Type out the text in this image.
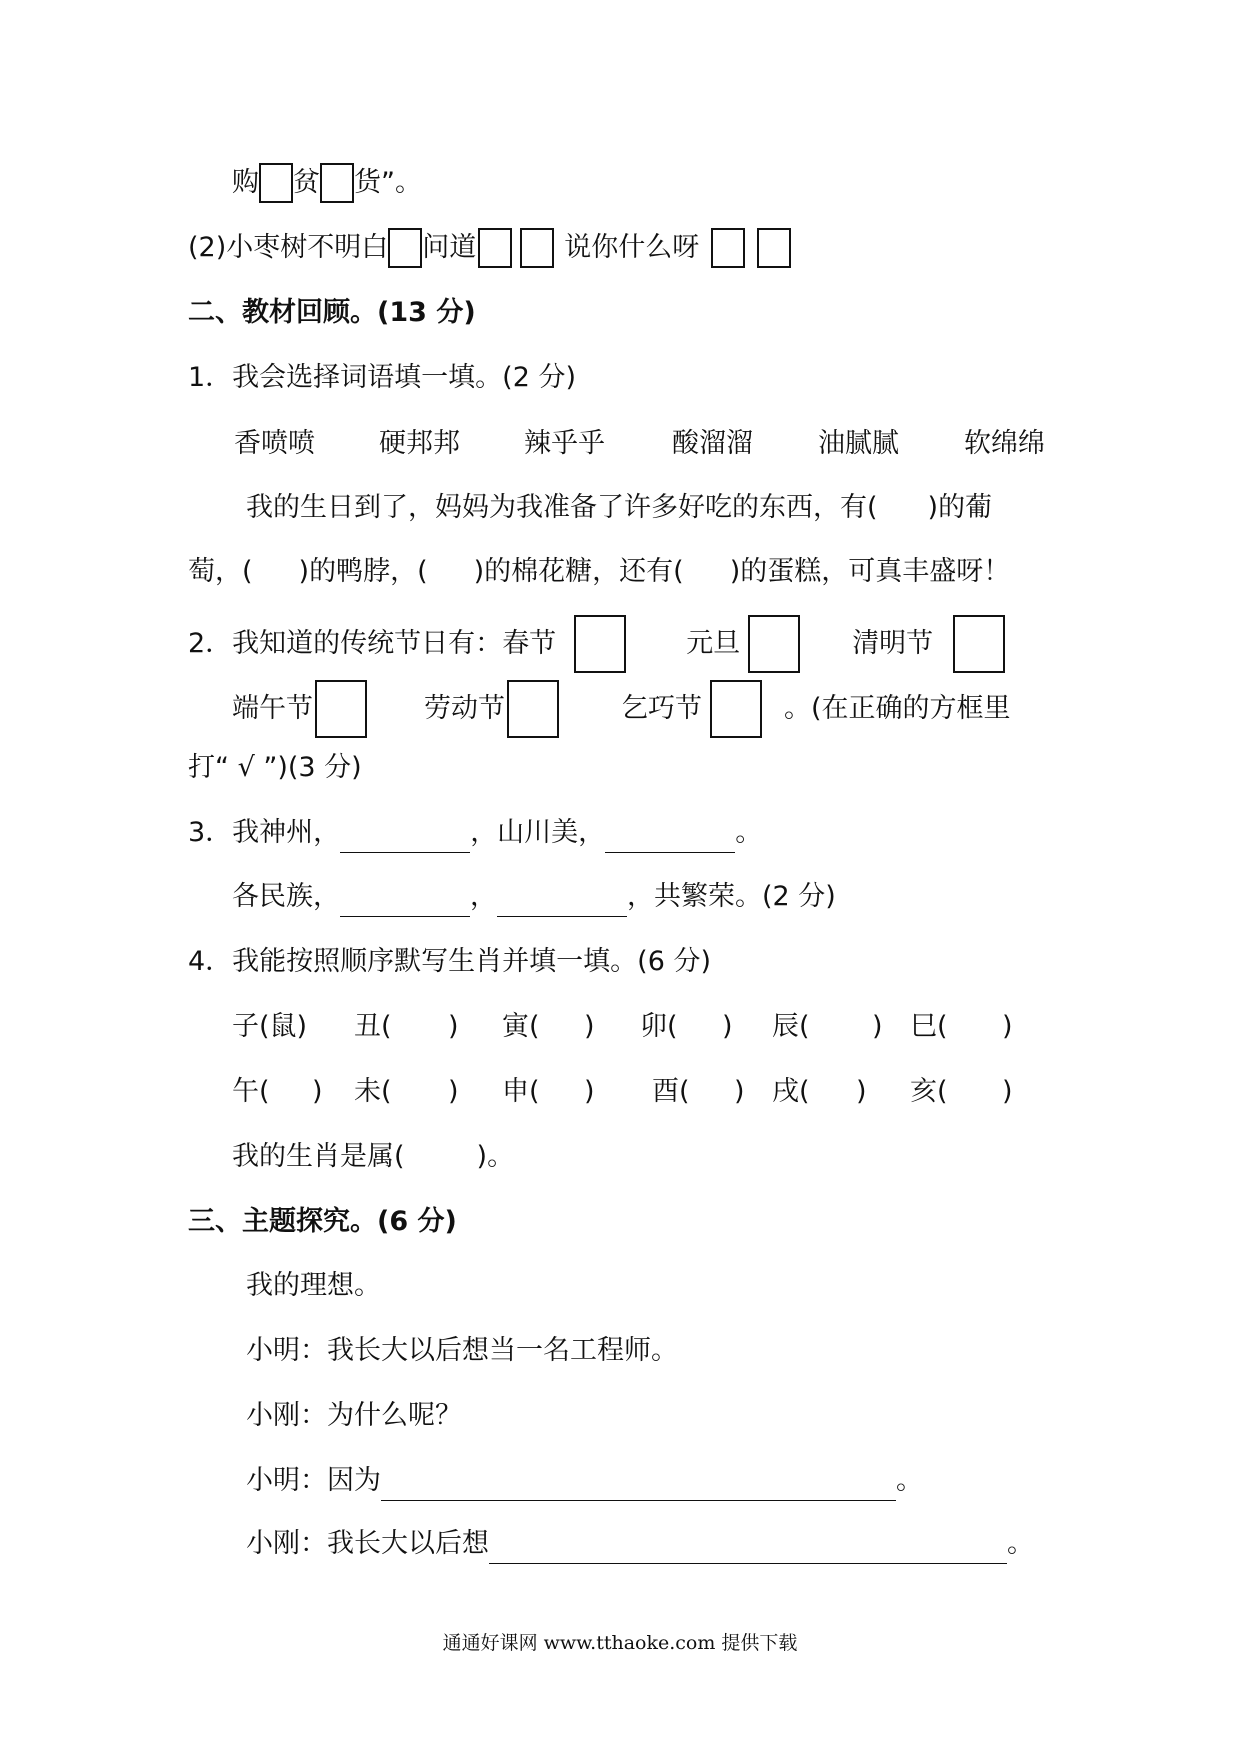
购 贫 货”。
(2)小枣树不明白 问道	说你什么呀
二、教材回顾。(13 分)
1．我会选择词语填一填。(2 分)
香喷喷 硬邦邦 辣乎乎 酸溜溜 油腻腻 软绵绵
我的生日到了，妈妈为我准备了许多好吃的东西，有( )的葡
萄，( )的鸭脖，( )的棉花糖，还有( )的蛋糕，可真丰盛呀！
2．我知道的传统节日有：春节	元旦	清明节
端午节	劳动节	乞巧节	。(在正确的方框里
打“ √ ”)(3 分)
3．我神州，	，山川美，	。
各民族，	，	，共繁荣。(2 分)
4．我能按照顺序默写生肖并填一填。(6 分)
子(鼠) 丑( ) 寅( ) 卯( ) 辰( ) 巳( )
午( ) 未( ) 申( ) 酉( ) 戌( ) 亥( )
我的生肖是属(	)。
三、主题探究。(6 分)
我的理想。
小明：我长大以后想当一名工程师。
小刚：为什么呢？
小明：因为	。
小刚：我长大以后想	。
通通好课网 www.tthaoke.com 提供下载
